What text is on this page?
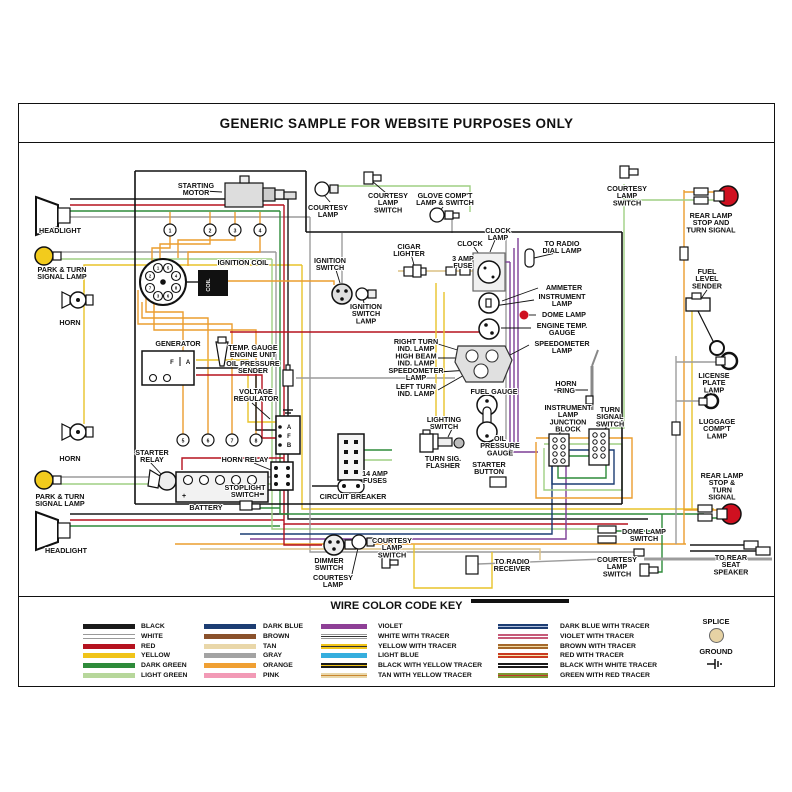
1 5
2	4
7	8
3 6
1	2	3	4
5	6	7	8
COIL
F A
A
F
B
+
STARTING MOTOR
HEADLIGHT
PARK & TURN SIGNAL LAMP
HORN
HORN
PARK & TURN SIGNAL LAMP
HEADLIGHT
IGNITION COIL
GENERATOR	TEMP. GAUGE ENGINE UNIT
OIL PRESSURE SENDER
VOLTAGE REGULATOR
HORN RELAY
STARTER RELAY
BATTERY
STOPLIGHT SWITCH	CIRCUIT BREAKER
14 AMP FUSES
COURTESY LAMP
COURTESY LAMP SWITCH
GLOVE COMP'T LAMP & SWITCH
CIGAR LIGHTER
IGNITION SWITCH
IGNITION SWITCH LAMP
CLOCK LAMP
CLOCK
3 AMP FUSE
TO RADIO DIAL LAMP
AMMETER
INSTRUMENT LAMP
DOME LAMP
ENGINE TEMP. GAUGE
SPEEDOMETER LAMP
RIGHT TURN IND. LAMP HIGH BEAM IND. LAMP SPEEDOMETER LAMP
LEFT TURN IND. LAMP	FUEL GAUGE
HORN RING
INSTRUMENT LAMP JUNCTION BLOCK
TURN SIGNAL SWITCH
LIGHTING SWITCH
TURN SIG. FLASHER
OIL PRESSURE GAUGE
STARTER BUTTON
DIMMER SWITCH
COURTESY LAMP
COURTESY LAMP SWITCH
TO RADIO RECEIVER
DOME LAMP SWITCH
COURTESY LAMP SWITCH
TO REAR SEAT SPEAKER
COURTESY LAMP SWITCH
REAR LAMP STOP AND TURN SIGNAL
FUEL LEVEL SENDER
LICENSE PLATE LAMP
LUGGAGE COMP'T LAMP
REAR LAMP STOP & TURN SIGNAL
GENERIC SAMPLE FOR WEBSITE PURPOSES ONLY
WIRE COLOR CODE KEY
BLACK
WHITE
RED
YELLOW
DARK GREEN
LIGHT GREEN
DARK BLUE
BROWN
TAN
GRAY
ORANGE
PINK
VIOLET
WHITE WITH TRACER
YELLOW WITH TRACER
LIGHT BLUE
BLACK WITH YELLOW TRACER
TAN WITH YELLOW TRACER
DARK BLUE WITH TRACER
VIOLET WITH TRACER
BROWN WITH TRACER
RED WITH TRACER
BLACK WITH WHITE TRACER
GREEN WITH RED TRACER
SPLICE
GROUND
